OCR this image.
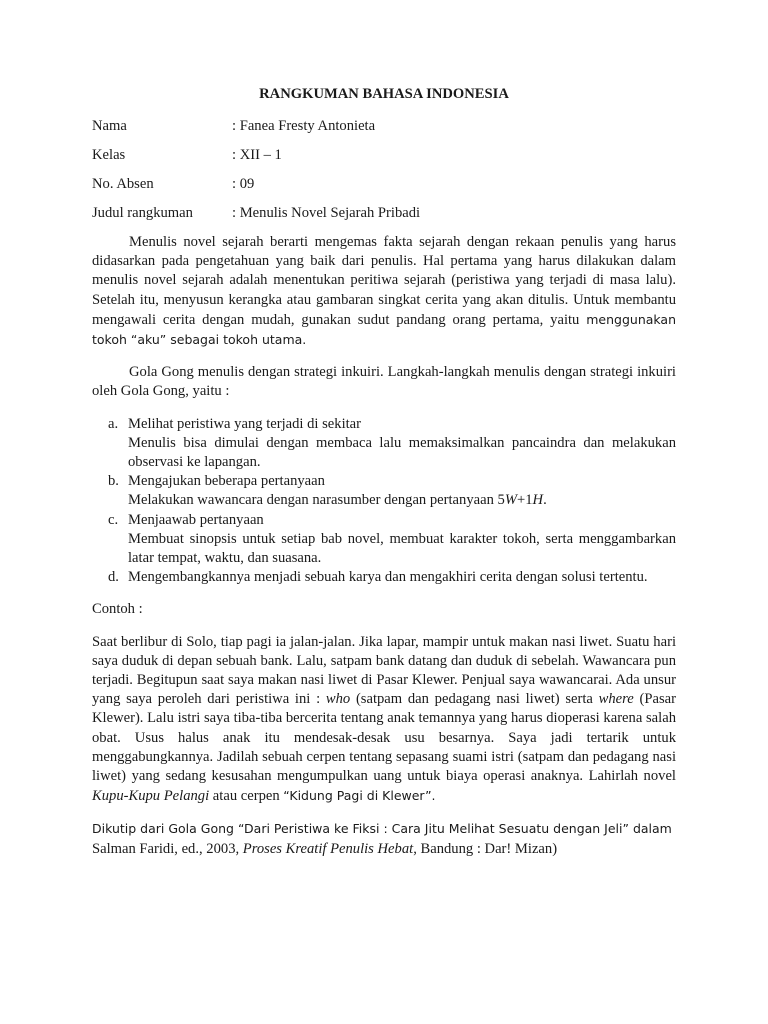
RANGKUMAN BAHASA INDONESIA
Nama	: Fanea Fresty Antonieta
Kelas	: XII – 1
No. Absen	: 09
Judul rangkuman	: Menulis Novel Sejarah Pribadi

Menulis novel sejarah berarti mengemas fakta sejarah dengan rekaan penulis yang harus didasarkan pada pengetahuan yang baik dari penulis. Hal pertama yang harus dilakukan dalam menulis novel sejarah adalah menentukan peritiwa sejarah (peristiwa yang terjadi di masa lalu). Setelah itu, menyusun kerangka atau gambaran singkat cerita yang akan ditulis. Untuk membantu mengawali cerita dengan mudah, gunakan sudut pandang orang pertama, yaitu menggunakan tokoh “aku” sebagai tokoh utama.

Gola Gong menulis dengan strategi inkuiri. Langkah-langkah menulis dengan strategi inkuiri oleh Gola Gong, yaitu :

a. Melihat peristiwa yang terjadi di sekitar
Menulis bisa dimulai dengan membaca lalu memaksimalkan pancaindra dan melakukan observasi ke lapangan.
b. Mengajukan beberapa pertanyaan
Melakukan wawancara dengan narasumber dengan pertanyaan 5W+1H.
c. Menjaawab pertanyaan
Membuat sinopsis untuk setiap bab novel, membuat karakter tokoh, serta menggambarkan latar tempat, waktu, dan suasana.
d. Mengembangkannya menjadi sebuah karya dan mengakhiri cerita dengan solusi tertentu.

Contoh :

Saat berlibur di Solo, tiap pagi ia jalan-jalan. Jika lapar, mampir untuk makan nasi liwet. Suatu hari saya duduk di depan sebuah bank. Lalu, satpam bank datang dan duduk di sebelah. Wawancara pun terjadi. Begitupun saat saya makan nasi liwet di Pasar Klewer. Penjual saya wawancarai. Ada unsur yang saya peroleh dari peristiwa ini : who (satpam dan pedagang nasi liwet) serta where (Pasar Klewer). Lalu istri saya tiba-tiba bercerita tentang anak temannya yang harus dioperasi karena salah obat. Usus halus anak itu mendesak-desak usu besarnya. Saya jadi tertarik untuk menggabungkannya. Jadilah sebuah cerpen tentang sepasang suami istri (satpam dan pedagang nasi liwet) yang sedang kesusahan mengumpulkan uang untuk biaya operasi anaknya. Lahirlah novel Kupu-Kupu Pelangi atau cerpen “Kidung Pagi di Klewer”.

Dikutip dari Gola Gong “Dari Peristiwa ke Fiksi : Cara Jitu Melihat Sesuatu dengan Jeli” dalam
Salman Faridi, ed., 2003, Proses Kreatif Penulis Hebat, Bandung : Dar! Mizan)
